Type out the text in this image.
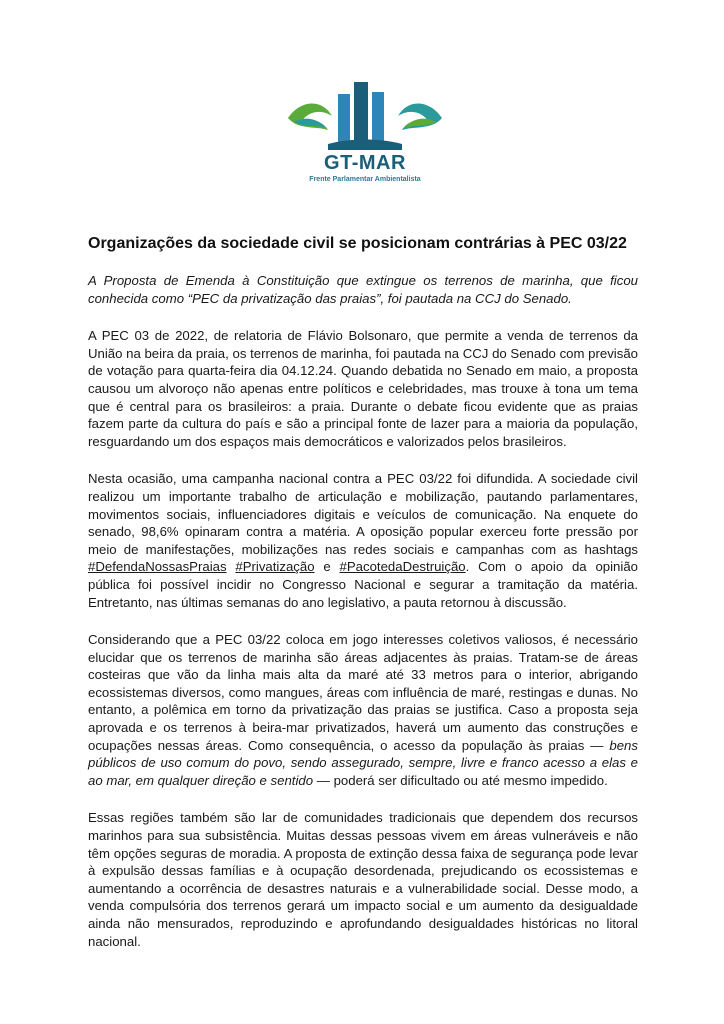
GT-MAR
Frente Parlamentar Ambientalista
Organizações da sociedade civil se posicionam contrárias à PEC 03/22

A Proposta de Emenda à Constituição que extingue os terrenos de marinha, que ficou conhecida como “PEC da privatização das praias”, foi pautada na CCJ do Senado.

A PEC 03 de 2022, de relatoria de Flávio Bolsonaro, que permite a venda de terrenos da União na beira da praia, os terrenos de marinha, foi pautada na CCJ do Senado com previsão de votação para quarta-feira dia 04.12.24. Quando debatida no Senado em maio, a proposta causou um alvoroço não apenas entre políticos e celebridades, mas trouxe à tona um tema que é central para os brasileiros: a praia. Durante o debate ficou evidente que as praias fazem parte da cultura do país e são a principal fonte de lazer para a maioria da população, resguardando um dos espaços mais democráticos e valorizados pelos brasileiros.

Nesta ocasião, uma campanha nacional contra a PEC 03/22 foi difundida. A sociedade civil realizou um importante trabalho de articulação e mobilização, pautando parlamentares, movimentos sociais, influenciadores digitais e veículos de comunicação. Na enquete do senado, 98,6% opinaram contra a matéria. A oposição popular exerceu forte pressão por meio de manifestações, mobilizações nas redes sociais e campanhas com as hashtags #DefendaNossasPraias #Privatização e #PacotedaDestruição. Com o apoio da opinião pública foi possível incidir no Congresso Nacional e segurar a tramitação da matéria. Entretanto, nas últimas semanas do ano legislativo, a pauta retornou à discussão.

Considerando que a PEC 03/22 coloca em jogo interesses coletivos valiosos, é necessário elucidar que os terrenos de marinha são áreas adjacentes às praias. Tratam-se de áreas costeiras que vão da linha mais alta da maré até 33 metros para o interior, abrigando ecossistemas diversos, como mangues, áreas com influência de maré, restingas e dunas. No entanto, a polêmica em torno da privatização das praias se justifica. Caso a proposta seja aprovada e os terrenos à beira-mar privatizados, haverá um aumento das construções e ocupações nessas áreas. Como consequência, o acesso da população às praias — bens públicos de uso comum do povo, sendo assegurado, sempre, livre e franco acesso a elas e ao mar, em qualquer direção e sentido — poderá ser dificultado ou até mesmo impedido.

Essas regiões também são lar de comunidades tradicionais que dependem dos recursos marinhos para sua subsistência. Muitas dessas pessoas vivem em áreas vulneráveis e não têm opções seguras de moradia. A proposta de extinção dessa faixa de segurança pode levar à expulsão dessas famílias e à ocupação desordenada, prejudicando os ecossistemas e aumentando a ocorrência de desastres naturais e a vulnerabilidade social. Desse modo, a venda compulsória dos terrenos gerará um impacto social e um aumento da desigualdade ainda não mensurados, reproduzindo e aprofundando desigualdades históricas no litoral nacional.
